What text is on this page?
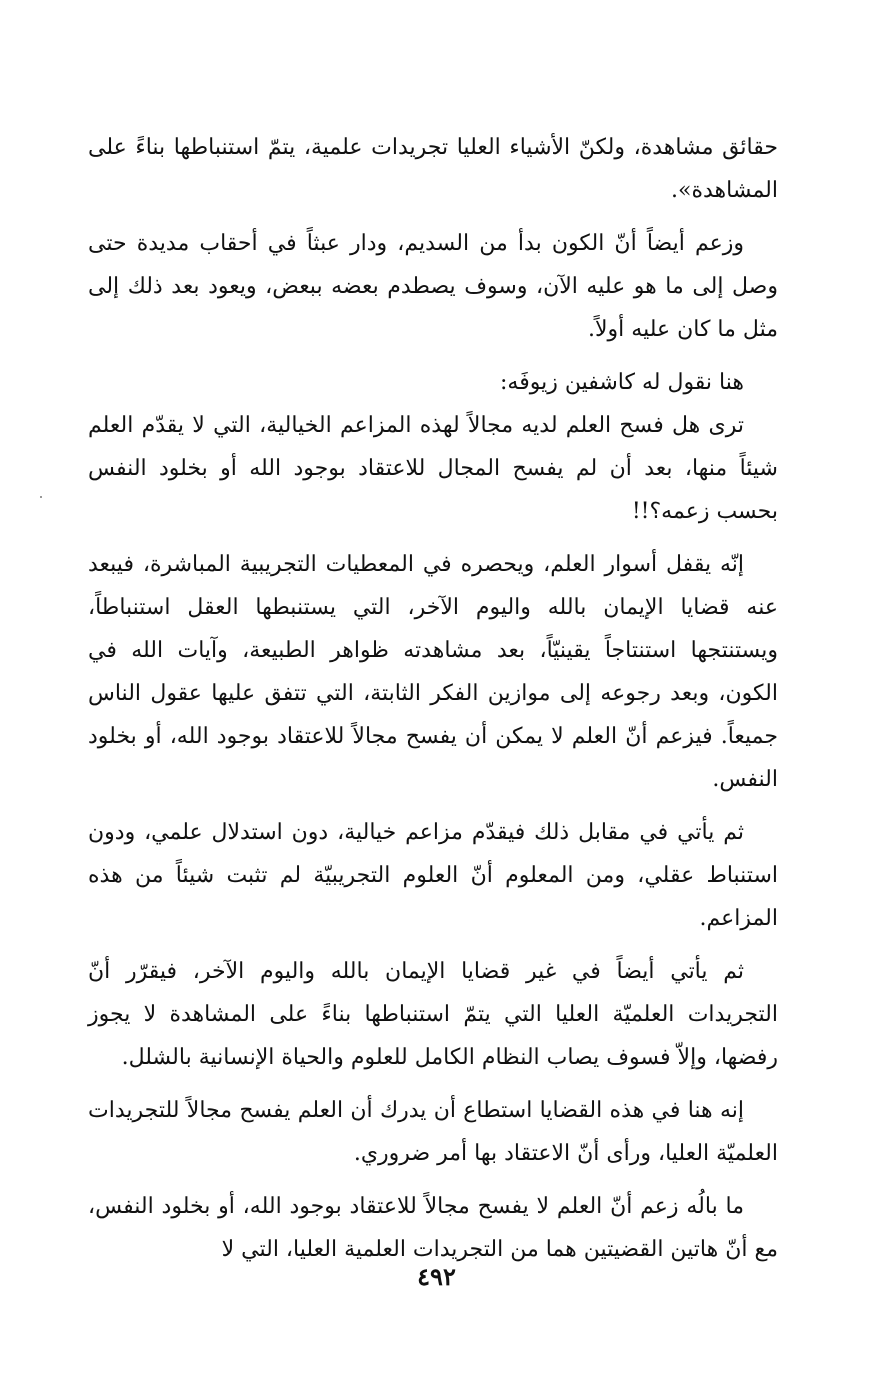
حقائق مشاهدة، ولكنّ الأشياء العليا تجريدات علمية، يتمّ استنباطها بناءً على المشاهدة».

وزعم أيضاً أنّ الكون بدأ من السديم، ودار عبثاً في أحقاب مديدة حتى وصل إلى ما هو عليه الآن، وسوف يصطدم بعضه ببعض، ويعود بعد ذلك إلى مثل ما كان عليه أولاً.

هنا نقول له كاشفين زيوفَه:

ترى هل فسح العلم لديه مجالاً لهذه المزاعم الخيالية، التي لا يقدّم العلم شيئاً منها، بعد أن لم يفسح المجال للاعتقاد بوجود الله أو بخلود النفس بحسب زعمه؟!!

إنّه يقفل أسوار العلم، ويحصره في المعطيات التجريبية المباشرة، فيبعد عنه قضايا الإيمان بالله واليوم الآخر، التي يستنبطها العقل استنباطاً، ويستنتجها استنتاجاً يقينيّاً، بعد مشاهدته ظواهر الطبيعة، وآيات الله في الكون، وبعد رجوعه إلى موازين الفكر الثابتة، التي تتفق عليها عقول الناس جميعاً. فيزعم أنّ العلم لا يمكن أن يفسح مجالاً للاعتقاد بوجود الله، أو بخلود النفس.

ثم يأتي في مقابل ذلك فيقدّم مزاعم خيالية، دون استدلال علمي، ودون استنباط عقلي، ومن المعلوم أنّ العلوم التجريبيّة لم تثبت شيئاً من هذه المزاعم.

ثم يأتي أيضاً في غير قضايا الإيمان بالله واليوم الآخر، فيقرّر أنّ التجريدات العلميّة العليا التي يتمّ استنباطها بناءً على المشاهدة لا يجوز رفضها، وإلاّ فسوف يصاب النظام الكامل للعلوم والحياة الإنسانية بالشلل.

إنه هنا في هذه القضايا استطاع أن يدرك أن العلم يفسح مجالاً للتجريدات العلميّة العليا، ورأى أنّ الاعتقاد بها أمر ضروري.

ما بالُه زعم أنّ العلم لا يفسح مجالاً للاعتقاد بوجود الله، أو بخلود النفس، مع أنّ هاتين القضيتين هما من التجريدات العلمية العليا، التي لا

٤٩٢
